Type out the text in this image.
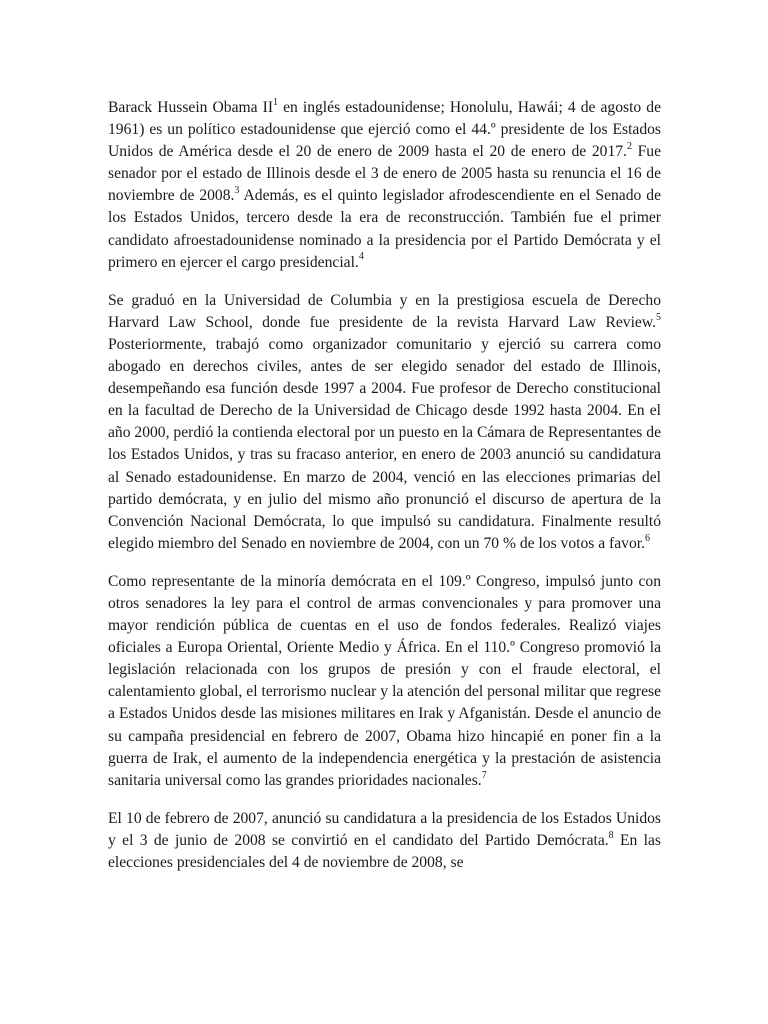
Barack Hussein Obama $II^1$ en inglés estadounidense; Honolulu, Hawái; 4 de agosto de 1961) es un político estadounidense que ejerció como el 44.º presidente de los Estados Unidos de América desde el 20 de enero de 2009 hasta el 20 de enero de 2017.$^2$ Fue senador por el estado de Illinois desde el 3 de enero de 2005 hasta su renuncia el 16 de noviembre de 2008.$^3$ Además, es el quinto legislador afrodescendiente en el Senado de los Estados Unidos, tercero desde la era de reconstrucción. También fue el primer candidato afroestadounidense nominado a la presidencia por el Partido Demócrata y el primero en ejercer el cargo presidencial.$^4$

Se graduó en la Universidad de Columbia y en la prestigiosa escuela de Derecho Harvard Law School, donde fue presidente de la revista Harvard Law Review.$^5$ Posteriormente, trabajó como organizador comunitario y ejerció su carrera como abogado en derechos civiles, antes de ser elegido senador del estado de Illinois, desempeñando esa función desde 1997 a 2004. Fue profesor de Derecho constitucional en la facultad de Derecho de la Universidad de Chicago desde 1992 hasta 2004. En el año 2000, perdió la contienda electoral por un puesto en la Cámara de Representantes de los Estados Unidos, y tras su fracaso anterior, en enero de 2003 anunció su candidatura al Senado estadounidense. En marzo de 2004, venció en las elecciones primarias del partido demócrata, y en julio del mismo año pronunció el discurso de apertura de la Convención Nacional Demócrata, lo que impulsó su candidatura. Finalmente resultó elegido miembro del Senado en noviembre de 2004, con un 70 % de los votos a favor.$^6$

Como representante de la minoría demócrata en el 109.º Congreso, impulsó junto con otros senadores la ley para el control de armas convencionales y para promover una mayor rendición pública de cuentas en el uso de fondos federales. Realizó viajes oficiales a Europa Oriental, Oriente Medio y África. En el 110.º Congreso promovió la legislación relacionada con los grupos de presión y con el fraude electoral, el calentamiento global, el terrorismo nuclear y la atención del personal militar que regrese a Estados Unidos desde las misiones militares en Irak y Afganistán. Desde el anuncio de su campaña presidencial en febrero de 2007, Obama hizo hincapié en poner fin a la guerra de Irak, el aumento de la independencia energética y la prestación de asistencia sanitaria universal como las grandes prioridades nacionales.$^7$

El 10 de febrero de 2007, anunció su candidatura a la presidencia de los Estados Unidos y el 3 de junio de 2008 se convirtió en el candidato del Partido Demócrata.$^8$ En las elecciones presidenciales del 4 de noviembre de 2008, se
